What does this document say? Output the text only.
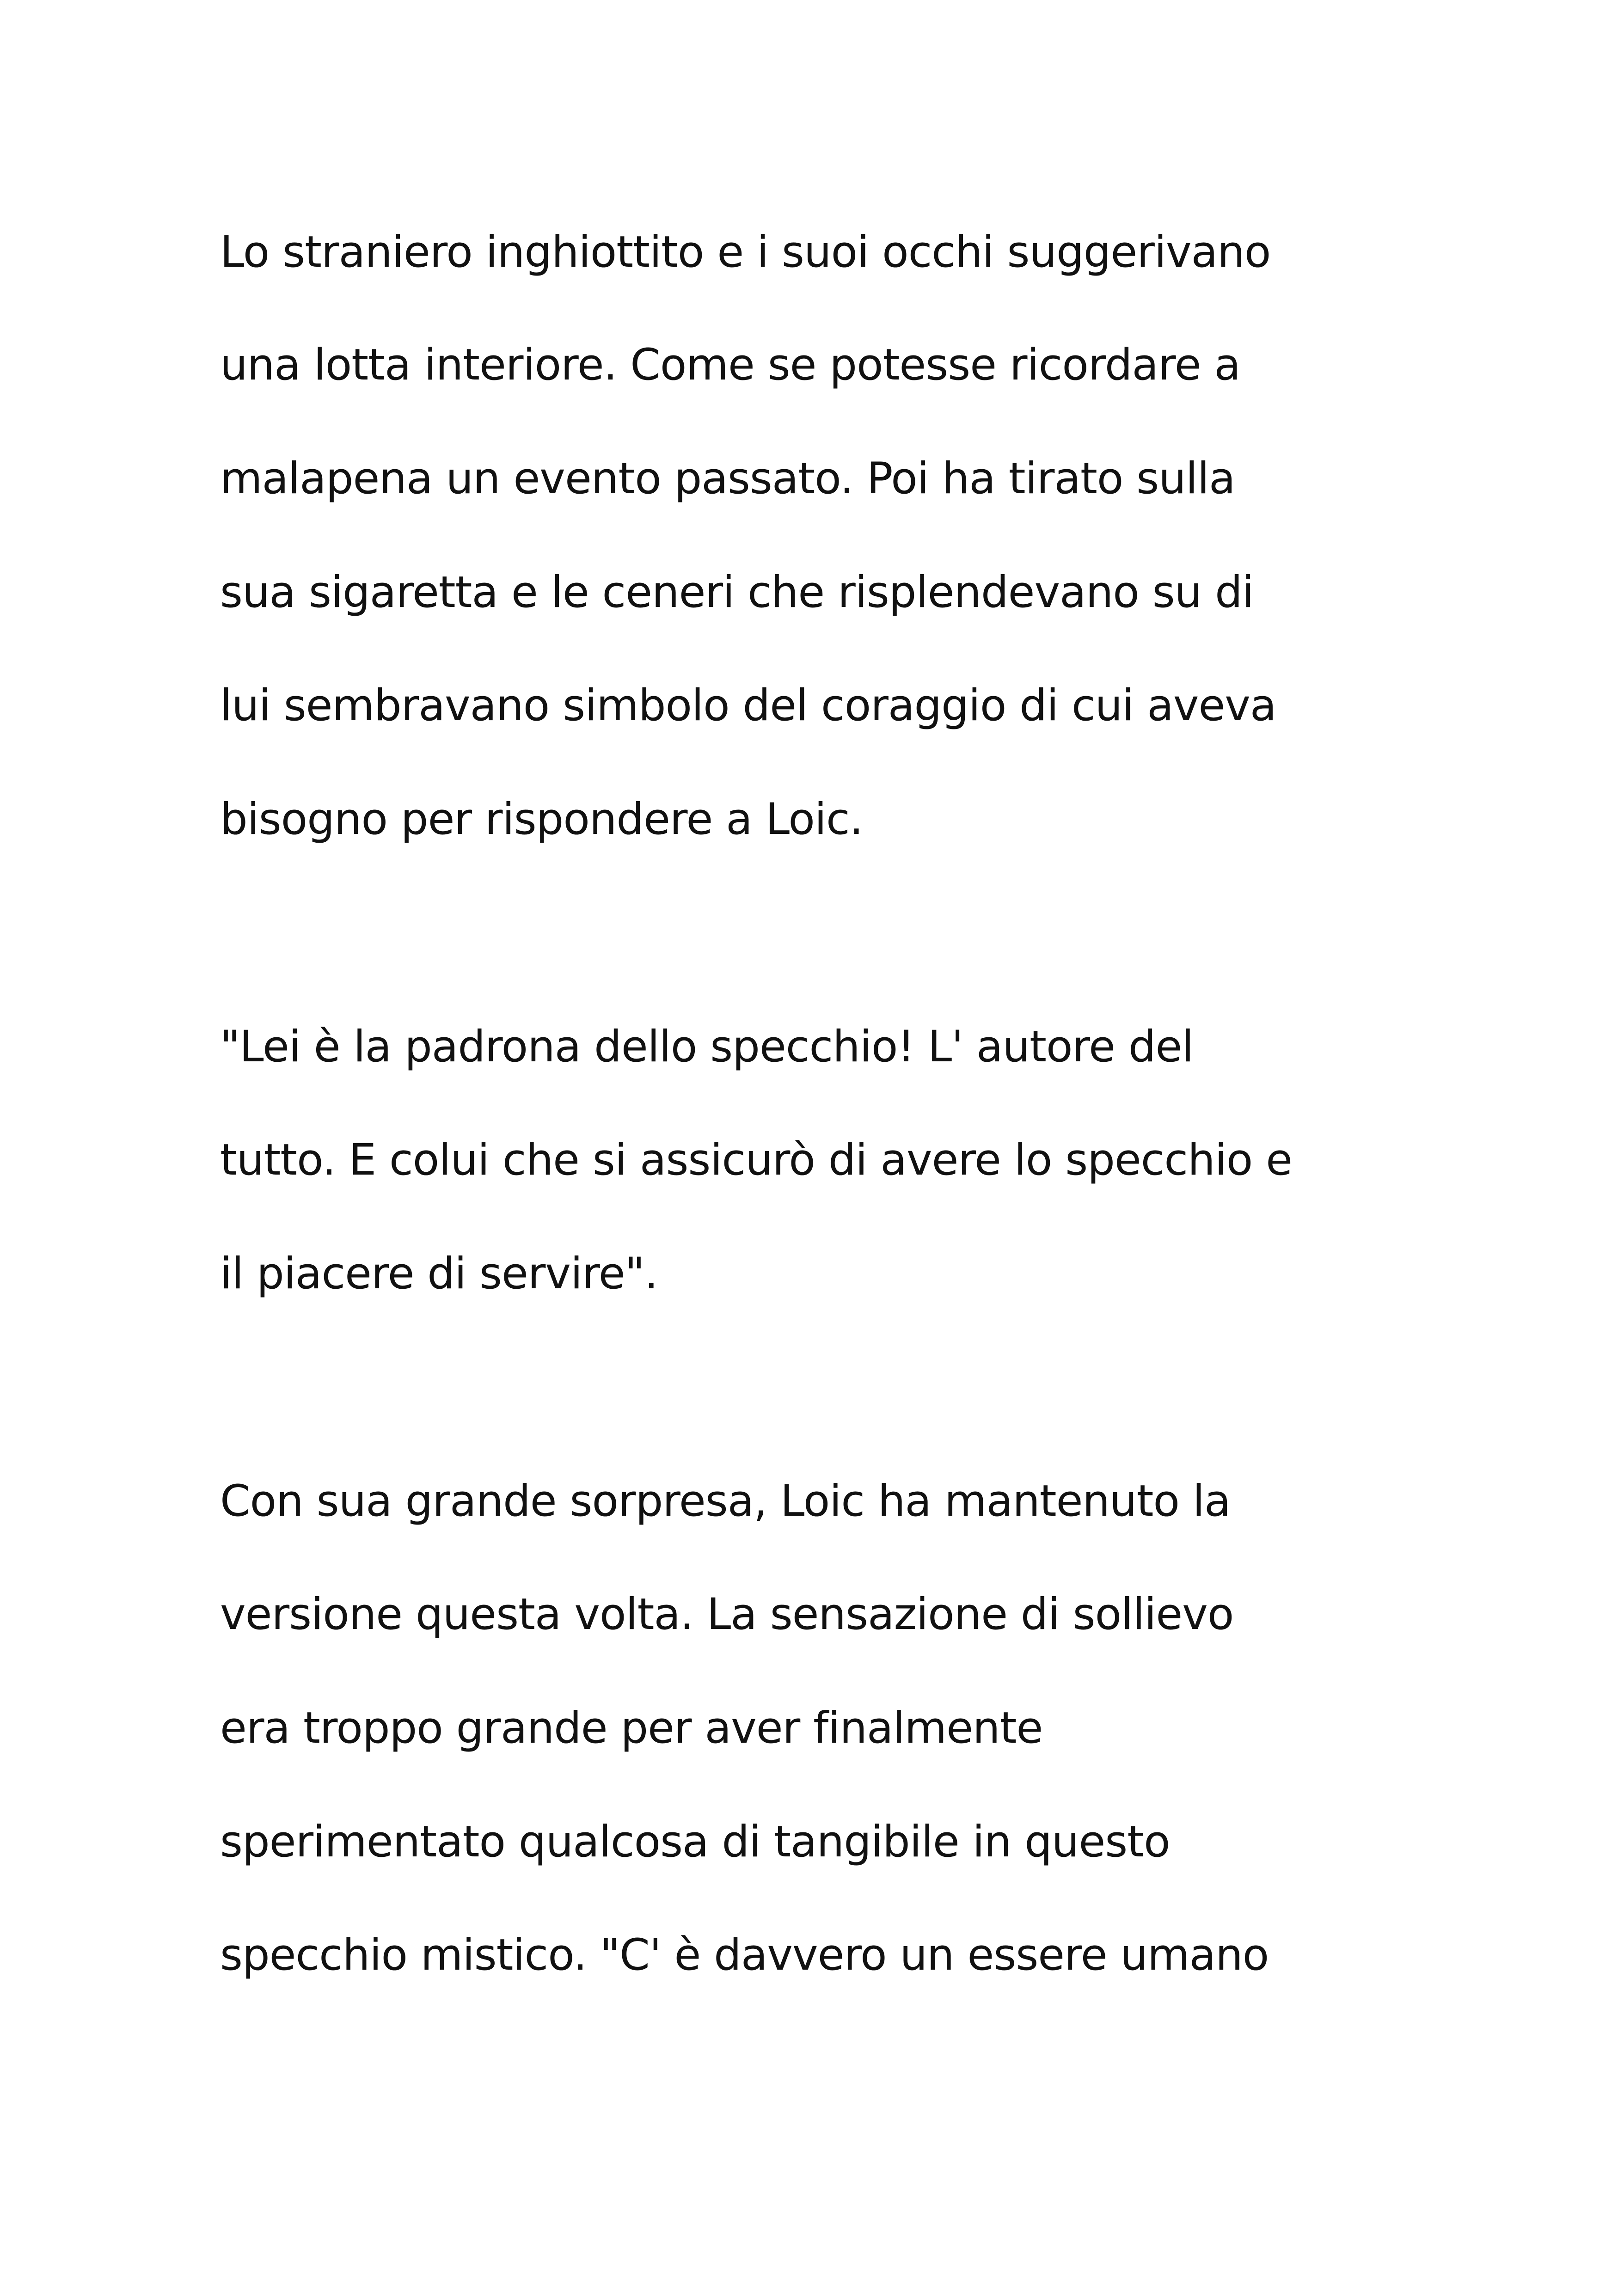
Lo straniero inghiottito e i suoi occhi suggerivano

una lotta interiore. Come se potesse ricordare a

malapena un evento passato. Poi ha tirato sulla

sua sigaretta e le ceneri che risplendevano su di

lui sembravano simbolo del coraggio di cui aveva

bisogno per rispondere a Loic.

"Lei è la padrona dello specchio! L' autore del

tutto. E colui che si assicurò di avere lo specchio e

il piacere di servire".

Con sua grande sorpresa, Loic ha mantenuto la

versione questa volta. La sensazione di sollievo

era troppo grande per aver finalmente

sperimentato qualcosa di tangibile in questo

specchio mistico. "C' è davvero un essere umano
